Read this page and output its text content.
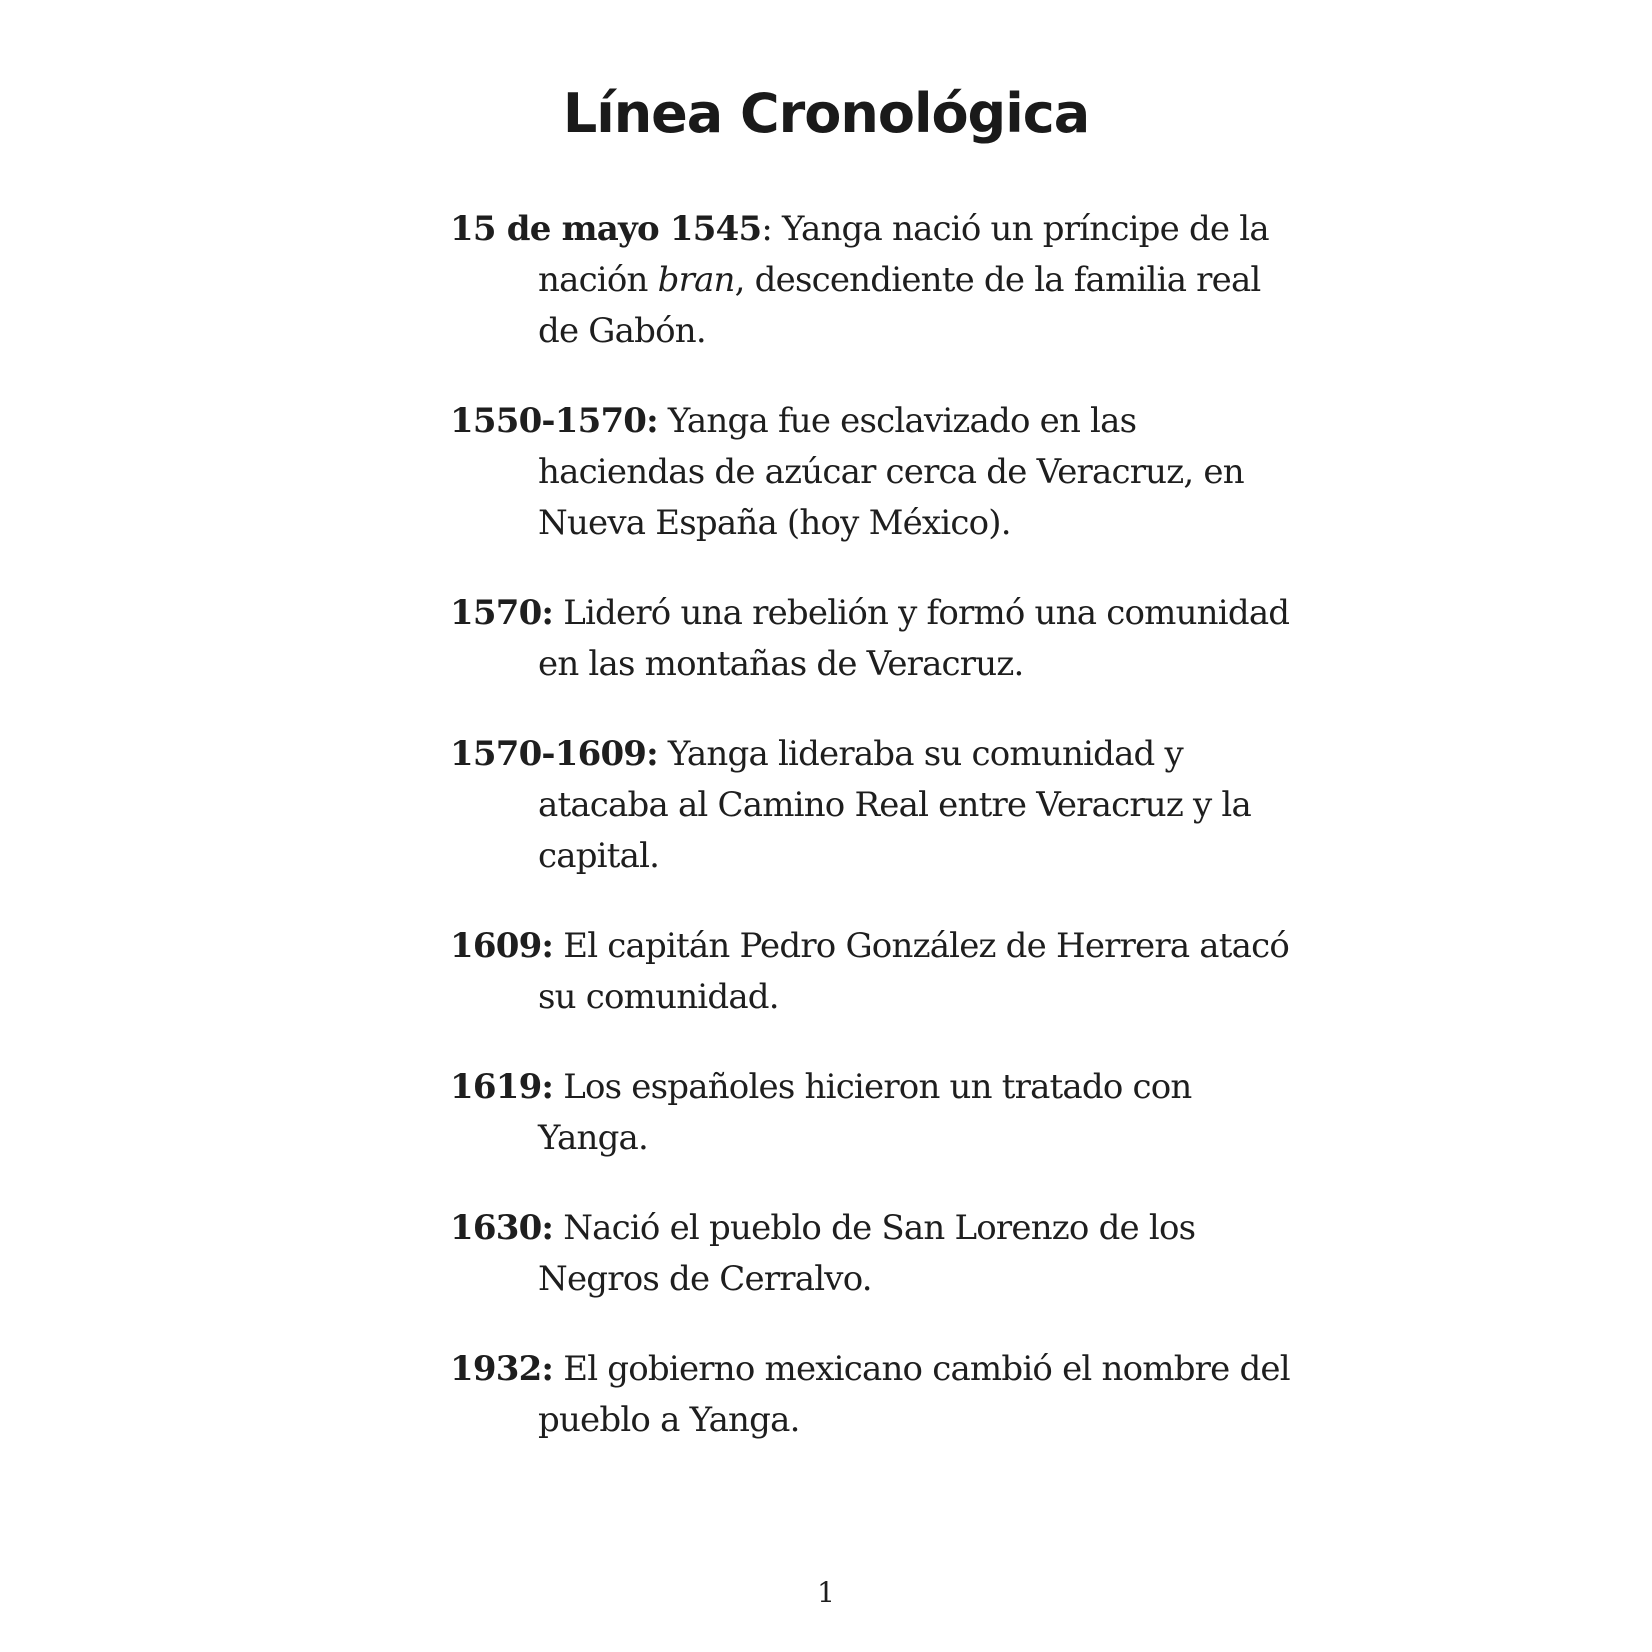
Línea Cronológica
15 de mayo 1545: Yanga nació un príncipe de la nación bran, descendiente de la familia real de Gabón.
1550-1570: Yanga fue esclavizado en las haciendas de azúcar cerca de Veracruz, en Nueva España (hoy México).
1570: Lideró una rebelión y formó una comunidad en las montañas de Veracruz.
1570-1609: Yanga lideraba su comunidad y atacaba al Camino Real entre Veracruz y la capital.
1609: El capitán Pedro González de Herrera atacó su comunidad.
1619: Los españoles hicieron un tratado con Yanga.
1630: Nació el pueblo de San Lorenzo de los Negros de Cerralvo.
1932: El gobierno mexicano cambió el nombre del pueblo a Yanga.
1
